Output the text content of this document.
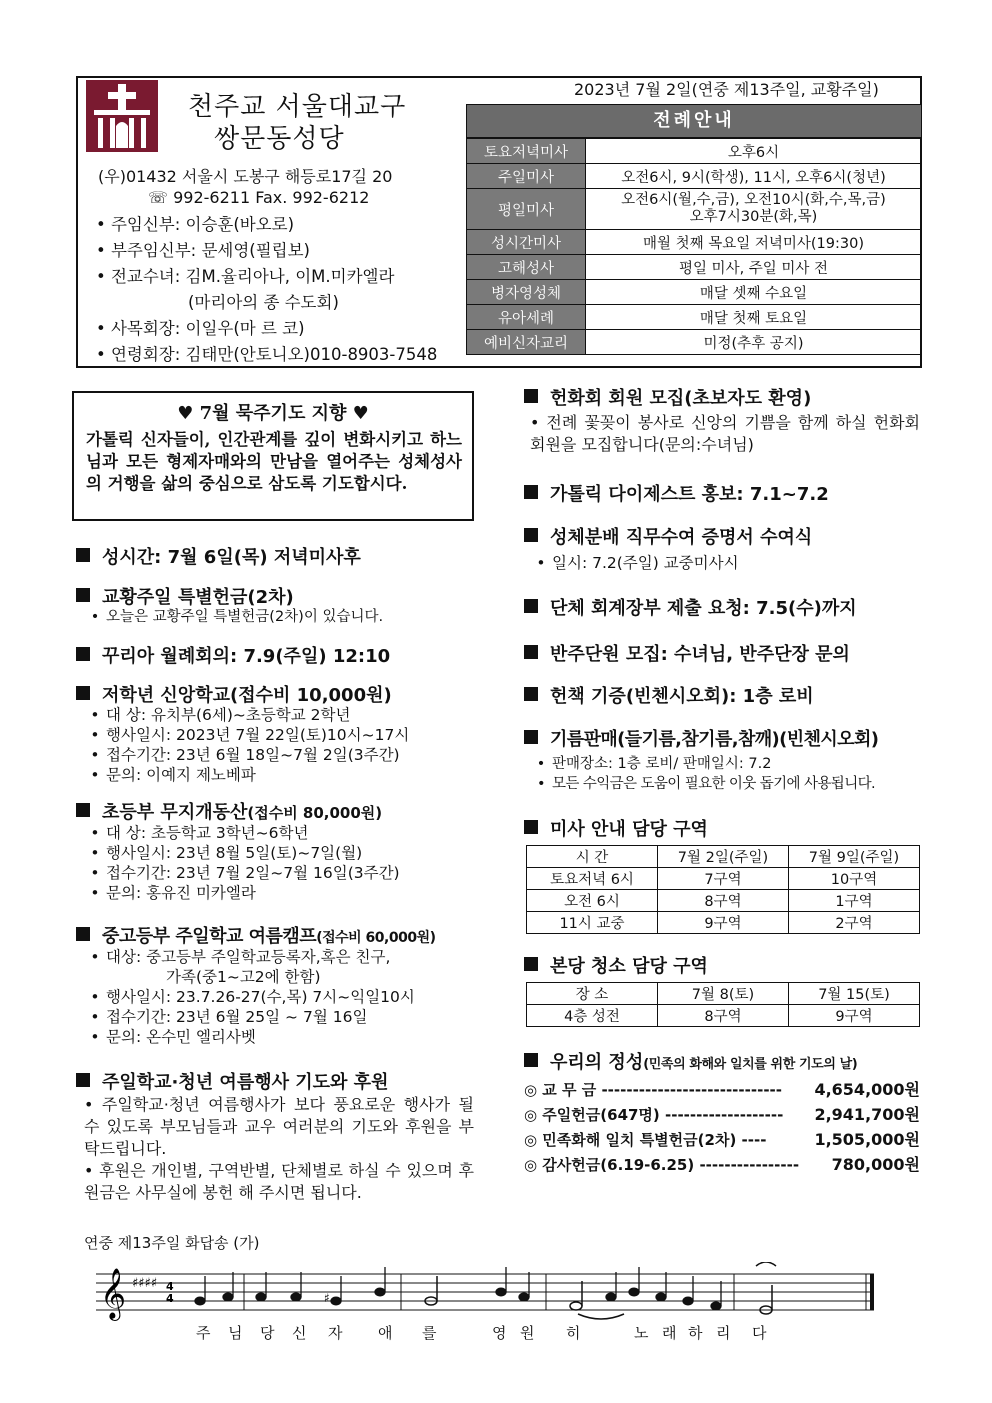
천주교 서울대교구
쌍문동성당
(우)01432 서울시 도봉구 해등로17길 20
☏ 992-6211 Fax. 992-6212
• 주임신부: 이승훈(바오로)
• 부주임신부: 문세영(필립보)
• 전교수녀: 김M.율리아나, 이M.미카엘라
(마리아의 종 수도회)
• 사목회장: 이일우(마 르 코)
• 연령회장: 김태만(안토니오)010-8903-7548
2023년 7월 2일(연중 제13주일, 교황주일)
전례안내
토요저녁미사	오후6시
주일미사	오전6시, 9시(학생), 11시, 오후6시(청년)
평일미사	오전6시(월,수,금), 오전10시(화,수,목,금)
오후7시30분(화,목)

성시간미사	매월 첫째 목요일 저녁미사(19:30)
고해성사	평일 미사, 주일 미사 전
병자영성체	매달 셋째 수요일
유아세례	매달 첫째 토요일
예비신자교리	미정(추후 공지)
♥ 7월 묵주기도 지향 ♥
가톨릭 신자들이, 인간관계를 깊이 변화시키고 하느님과 모든 형제자매와의 만남을 열어주는 성체성사의 거행을 삶의 중심으로 삼도록 기도합시다.
성시간: 7월 6일(목) 저녁미사후
교황주일 특별헌금(2차)
• 오늘은 교황주일 특별헌금(2차)이 있습니다.
꾸리아 월례회의: 7.9(주일) 12:10
저학년 신앙학교(접수비 10,000원)
• 대 상: 유치부(6세)~초등학교 2학년
• 행사일시: 2023년 7월 22일(토)10시~17시
• 접수기간: 23년 6월 18일~7월 2일(3주간)
• 문의: 이예지 제노베파
초등부 무지개동산(접수비 80,000원)
• 대 상: 초등학교 3학년~6학년
• 행사일시: 23년 8월 5일(토)~7일(월)
• 접수기간: 23년 7월 2일~7월 16일(3주간)
• 문의: 홍유진 미카엘라
중고등부 주일학교 여름캠프(접수비 60,000원)
• 대상: 중고등부 주일학교등록자,혹은 친구,
가족(중1~고2에 한함)
• 행사일시: 23.7.26-27(수,목) 7시~익일10시
• 접수기간: 23년 6월 25일 ~ 7월 16일
• 문의: 온수민 엘리사벳
주일학교·청년 여름행사 기도와 후원
• 주일학교·청년 여름행사가 보다 풍요로운 행사가 될 수 있도록 부모님들과 교우 여러분의 기도와 후원을 부탁드립니다.
• 후원은 개인별, 구역반별, 단체별로 하실 수 있으며 후원금은 사무실에 봉헌 해 주시면 됩니다.
헌화회 회원 모집(초보자도 환영)
• 전례 꽃꽂이 봉사로 신앙의 기쁨을 함께 하실 헌화회 회원을 모집합니다(문의:수녀님)
가톨릭 다이제스트 홍보: 7.1~7.2
성체분배 직무수여 증명서 수여식
• 일시: 7.2(주일) 교중미사시
단체 회계장부 제출 요청: 7.5(수)까지
반주단원 모집: 수녀님, 반주단장 문의
헌책 기증(빈첸시오회): 1층 로비
기름판매(들기름,참기름,참깨)(빈첸시오회)
• 판매장소: 1층 로비/ 판매일시: 7.2
• 모든 수익금은 도움이 필요한 이웃 돕기에 사용됩니다.
미사 안내 담당 구역
시 간	7월 2일(주일)	7월 9일(주일)
토요저녁 6시	7구역	10구역
오전 6시	8구역	1구역
11시 교중	9구역	2구역
본당 청소 담당 구역
장 소	7월 8(토)	7월 15(토)
4층 성전	8구역	9구역
우리의 정성(민족의 화해와 일치를 위한 기도의 날)
◎ 교 무 금 ----------------------------- 4,654,000원
◎ 주일헌금(647명) ------------------- 2,941,700원
◎ 민족화해 일치 특별헌금(2차) ----	1,505,000원
◎ 감사헌금(6.19-6.25) ---------------- 780,000원
연중 제13주일 화답송 (가)
𝄞 ♯♯♯♯ 4
4	♯
주 님 당 신 자 애 를	영 원 히	노 래 하 리 다
